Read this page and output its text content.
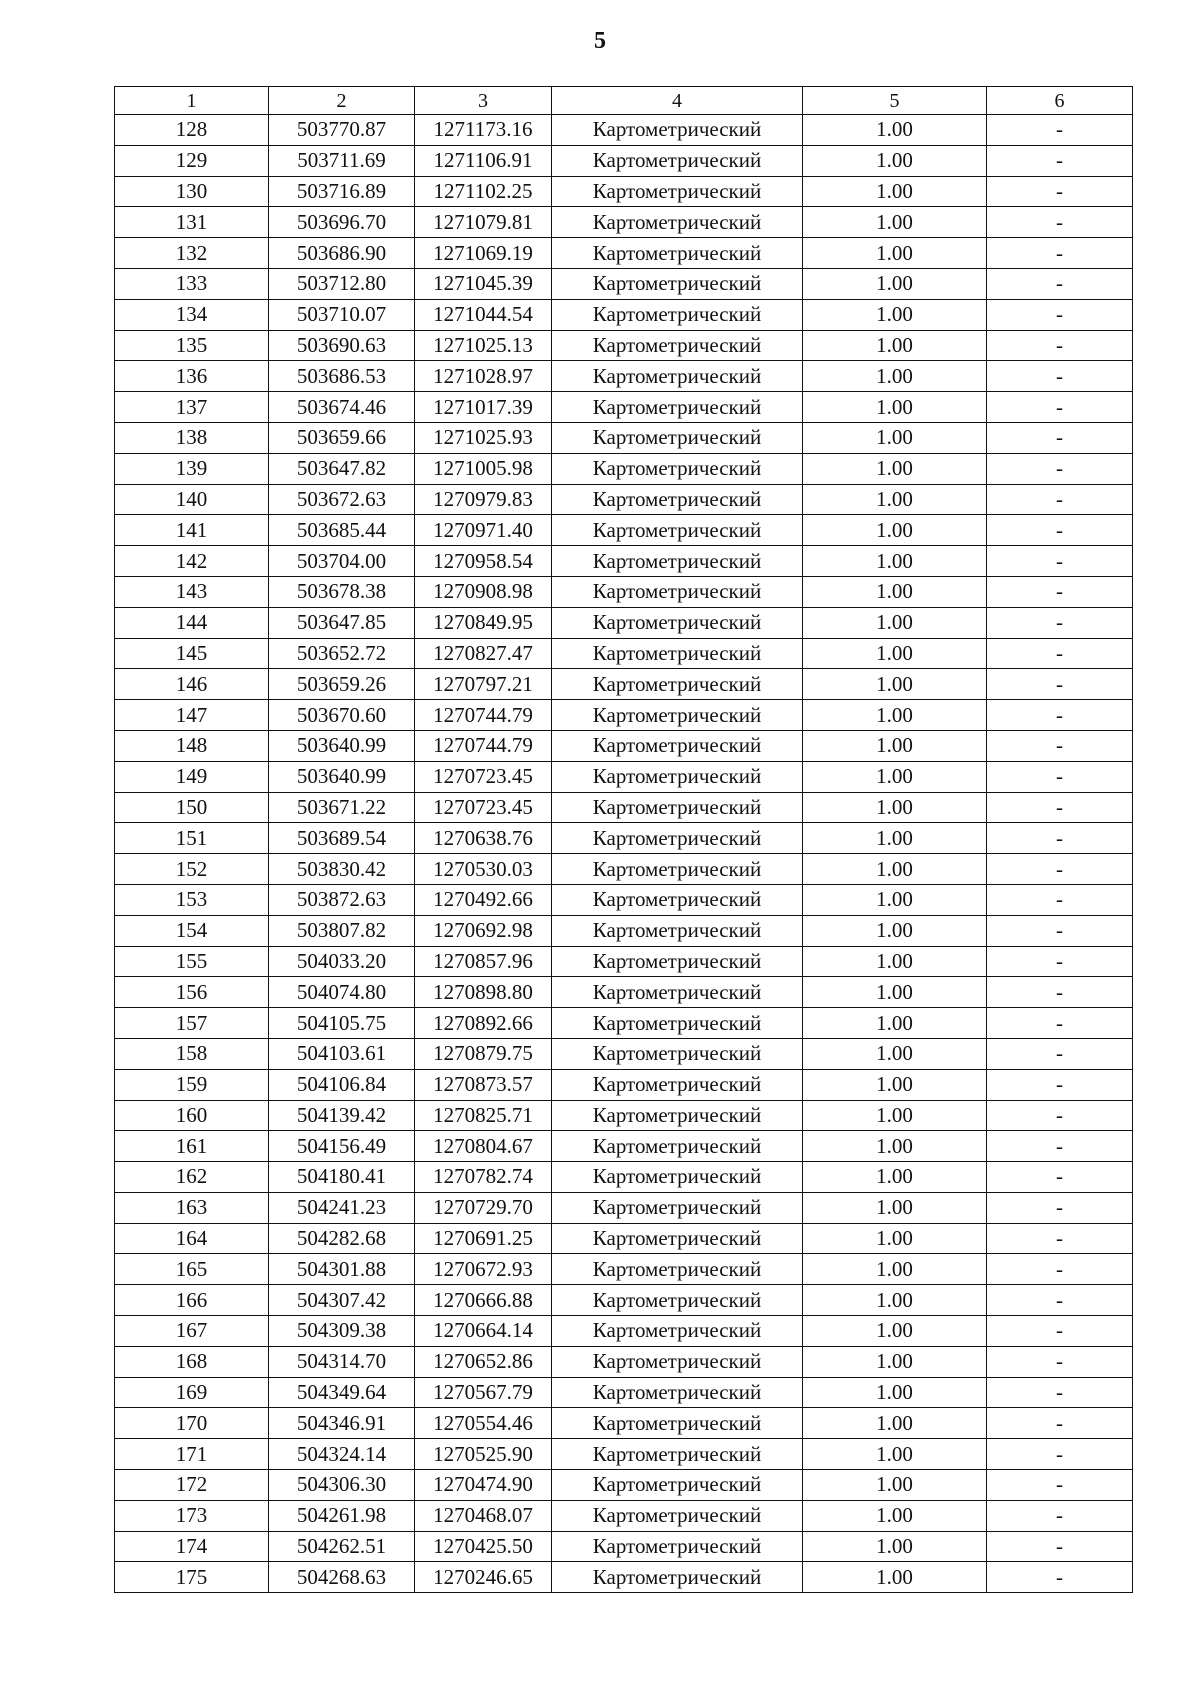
5
1	2	3	4	5	6
128	503770.87	1271173.16	Картометрический	1.00	-
129	503711.69	1271106.91	Картометрический	1.00	-
130	503716.89	1271102.25	Картометрический	1.00	-
131	503696.70	1271079.81	Картометрический	1.00	-
132	503686.90	1271069.19	Картометрический	1.00	-
133	503712.80	1271045.39	Картометрический	1.00	-
134	503710.07	1271044.54	Картометрический	1.00	-
135	503690.63	1271025.13	Картометрический	1.00	-
136	503686.53	1271028.97	Картометрический	1.00	-
137	503674.46	1271017.39	Картометрический	1.00	-
138	503659.66	1271025.93	Картометрический	1.00	-
139	503647.82	1271005.98	Картометрический	1.00	-
140	503672.63	1270979.83	Картометрический	1.00	-
141	503685.44	1270971.40	Картометрический	1.00	-
142	503704.00	1270958.54	Картометрический	1.00	-
143	503678.38	1270908.98	Картометрический	1.00	-
144	503647.85	1270849.95	Картометрический	1.00	-
145	503652.72	1270827.47	Картометрический	1.00	-
146	503659.26	1270797.21	Картометрический	1.00	-
147	503670.60	1270744.79	Картометрический	1.00	-
148	503640.99	1270744.79	Картометрический	1.00	-
149	503640.99	1270723.45	Картометрический	1.00	-
150	503671.22	1270723.45	Картометрический	1.00	-
151	503689.54	1270638.76	Картометрический	1.00	-
152	503830.42	1270530.03	Картометрический	1.00	-
153	503872.63	1270492.66	Картометрический	1.00	-
154	503807.82	1270692.98	Картометрический	1.00	-
155	504033.20	1270857.96	Картометрический	1.00	-
156	504074.80	1270898.80	Картометрический	1.00	-
157	504105.75	1270892.66	Картометрический	1.00	-
158	504103.61	1270879.75	Картометрический	1.00	-
159	504106.84	1270873.57	Картометрический	1.00	-
160	504139.42	1270825.71	Картометрический	1.00	-
161	504156.49	1270804.67	Картометрический	1.00	-
162	504180.41	1270782.74	Картометрический	1.00	-
163	504241.23	1270729.70	Картометрический	1.00	-
164	504282.68	1270691.25	Картометрический	1.00	-
165	504301.88	1270672.93	Картометрический	1.00	-
166	504307.42	1270666.88	Картометрический	1.00	-
167	504309.38	1270664.14	Картометрический	1.00	-
168	504314.70	1270652.86	Картометрический	1.00	-
169	504349.64	1270567.79	Картометрический	1.00	-
170	504346.91	1270554.46	Картометрический	1.00	-
171	504324.14	1270525.90	Картометрический	1.00	-
172	504306.30	1270474.90	Картометрический	1.00	-
173	504261.98	1270468.07	Картометрический	1.00	-
174	504262.51	1270425.50	Картометрический	1.00	-
175	504268.63	1270246.65	Картометрический	1.00	-
